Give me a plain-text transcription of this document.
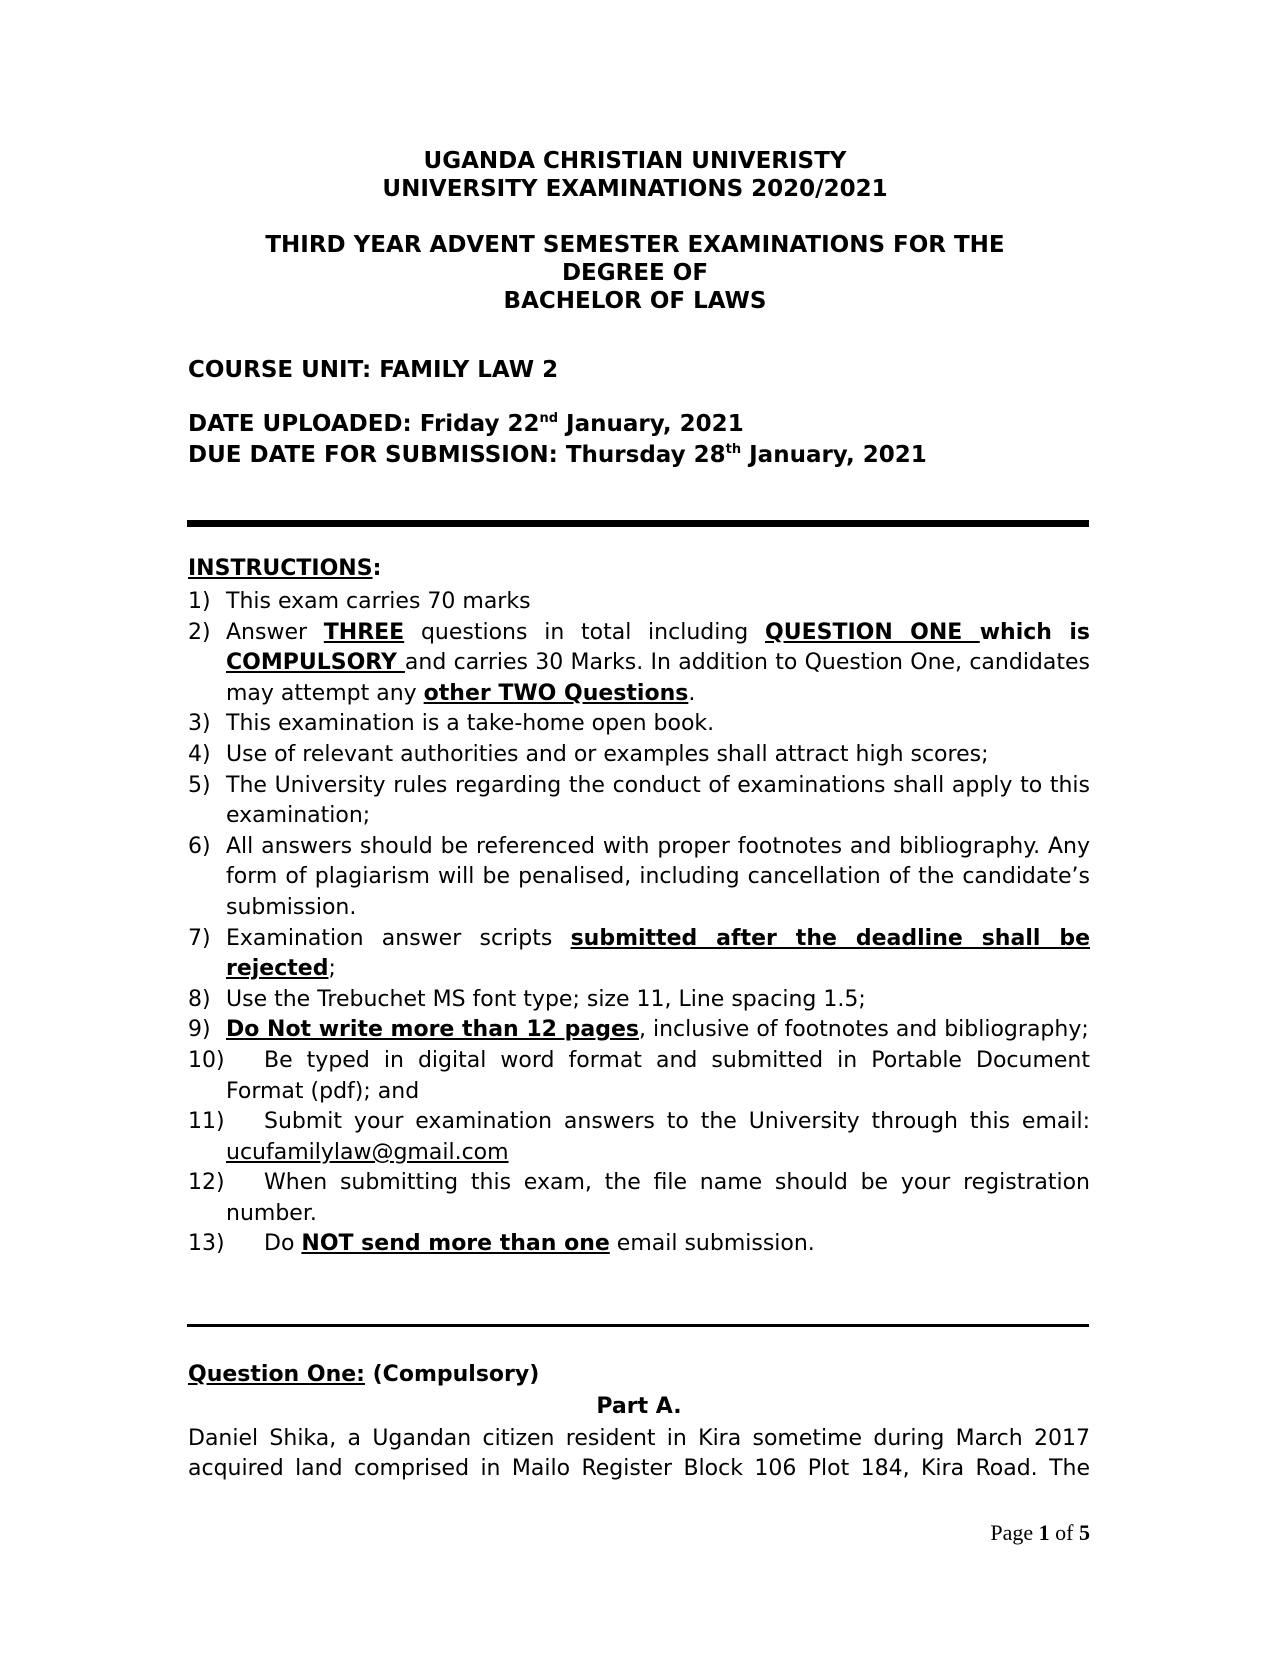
UGANDA CHRISTIAN UNIVERISTY
UNIVERSITY EXAMINATIONS 2020/2021
THIRD YEAR ADVENT SEMESTER EXAMINATIONS FOR THE
DEGREE OF
BACHELOR OF LAWS
COURSE UNIT: FAMILY LAW 2
DATE UPLOADED: Friday 22nd January, 2021
DUE DATE FOR SUBMISSION: Thursday 28th January, 2021
INSTRUCTIONS:
1) This exam carries 70 marks
2) Answer THREE questions in total including QUESTION ONE which is COMPULSORY and carries 30 Marks. In addition to Question One, candidates may attempt any other TWO Questions.
3) This examination is a take-home open book.
4) Use of relevant authorities and or examples shall attract high scores;
5) The University rules regarding the conduct of examinations shall apply to this examination;
6) All answers should be referenced with proper footnotes and bibliography. Any form of plagiarism will be penalised, including cancellation of the candidate’s submission.
7) Examination answer scripts submitted after the deadline shall be rejected;
8) Use the Trebuchet MS font type; size 11, Line spacing 1.5;
9) Do Not write more than 12 pages, inclusive of footnotes and bibliography;
10) Be typed in digital word format and submitted in Portable Document Format (pdf); and
11) Submit your examination answers to the University through this email: ucufamilylaw@gmail.com
12) When submitting this exam, the file name should be your registration number.
13) Do NOT send more than one email submission.
Question One: (Compulsory)
Part A.
Daniel Shika, a Ugandan citizen resident in Kira sometime during March 2017 acquired land comprised in Mailo Register Block 106 Plot 184, Kira Road. The
Page 1 of 5
